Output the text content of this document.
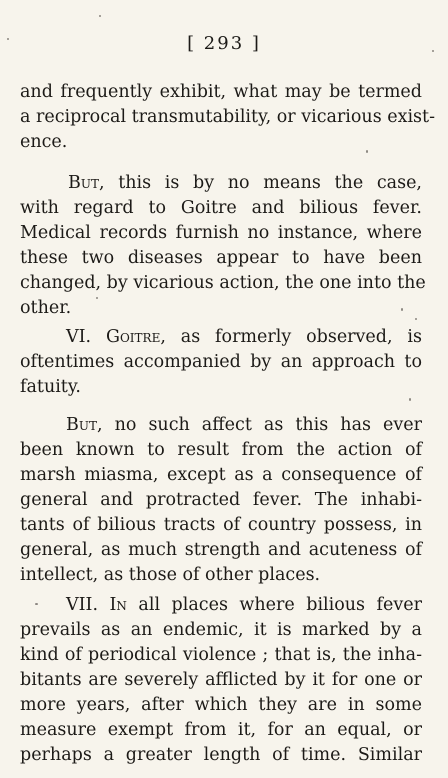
[ 293 ]
and frequently exhibit, what may be termed
a reciprocal transmutability, or vicarious exist-
ence.
But, this is by no means the case,
with regard to Goitre and bilious fever.
Medical records furnish no instance, where
these two diseases appear to have been
changed, by vicarious action, the one into the
other.
VI. Goitre, as formerly observed, is
oftentimes accompanied by an approach to
fatuity.
But, no such affect as this has ever
been known to result from the action of
marsh miasma, except as a consequence of
general and protracted fever. The inhabi-
tants of bilious tracts of country possess, in
general, as much strength and acuteness of
intellect, as those of other places.
VII. In all places where bilious fever
prevails as an endemic, it is marked by a
kind of periodical violence ; that is, the inha-
bitants are severely afflicted by it for one or
more years, after which they are in some
measure exempt from it, for an equal, or
perhaps a greater length of time. Similar
